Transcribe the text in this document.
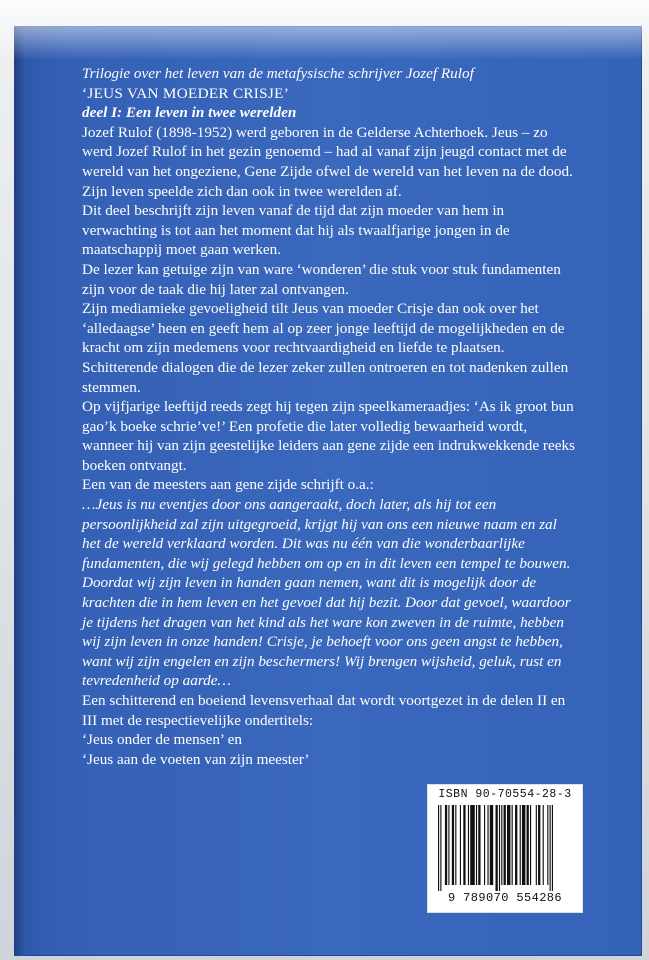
Trilogie over het leven van de metafysische schrijver Jozef Rulof

‘JEUS VAN MOEDER CRISJE’

deel I: Een leven in twee werelden

Jozef Rulof (1898-1952) werd geboren in de Gelderse Achterhoek. Jeus – zo werd Jozef Rulof in het gezin genoemd – had al vanaf zijn jeugd contact met de wereld van het ongeziene, Gene Zijde ofwel de wereld van het leven na de dood. Zijn leven speelde zich dan ook in twee werelden af.

Dit deel beschrijft zijn leven vanaf de tijd dat zijn moeder van hem in verwachting is tot aan het moment dat hij als twaalfjarige jongen in de maatschappij moet gaan werken.

De lezer kan getuige zijn van ware ‘wonderen’ die stuk voor stuk fundamenten zijn voor de taak die hij later zal ontvangen.

Zijn mediamieke gevoeligheid tilt Jeus van moeder Crisje dan ook over het ‘alledaagse’ heen en geeft hem al op zeer jonge leeftijd de mogelijkheden en de kracht om zijn medemens voor rechtvaardigheid en liefde te plaatsen.

Schitterende dialogen die de lezer zeker zullen ontroeren en tot nadenken zullen stemmen.

Op vijfjarige leeftijd reeds zegt hij tegen zijn speelkameraadjes: ‘As ik groot bun gao’k boeke schrie’ve!’ Een profetie die later volledig bewaarheid wordt, wanneer hij van zijn geestelijke leiders aan gene zijde een indrukwekkende reeks boeken ontvangt.

Een van de meesters aan gene zijde schrijft o.a.:

…Jeus is nu eventjes door ons aangeraakt, doch later, als hij tot een persoonlijkheid zal zijn uitgegroeid, krijgt hij van ons een nieuwe naam en zal het de wereld verklaard worden. Dit was nu één van die wonderbaarlijke fundamenten, die wij gelegd hebben om op en in dit leven een tempel te bouwen. Doordat wij zijn leven in handen gaan nemen, want dit is mogelijk door de krachten die in hem leven en het gevoel dat hij bezit. Door dat gevoel, waardoor je tijdens het dragen van het kind als het ware kon zweven in de ruimte, hebben wij zijn leven in onze handen! Crisje, je behoeft voor ons geen angst te hebben, want wij zijn engelen en zijn beschermers! Wij brengen wijsheid, geluk, rust en tevredenheid op aarde…

Een schitterend en boeiend levensverhaal dat wordt voortgezet in de delen II en III met de respectievelijke ondertitels:

‘Jeus onder de mensen’ en

‘Jeus aan de voeten van zijn meester’

ISBN 90-70554-28-3
9 789070 554286
